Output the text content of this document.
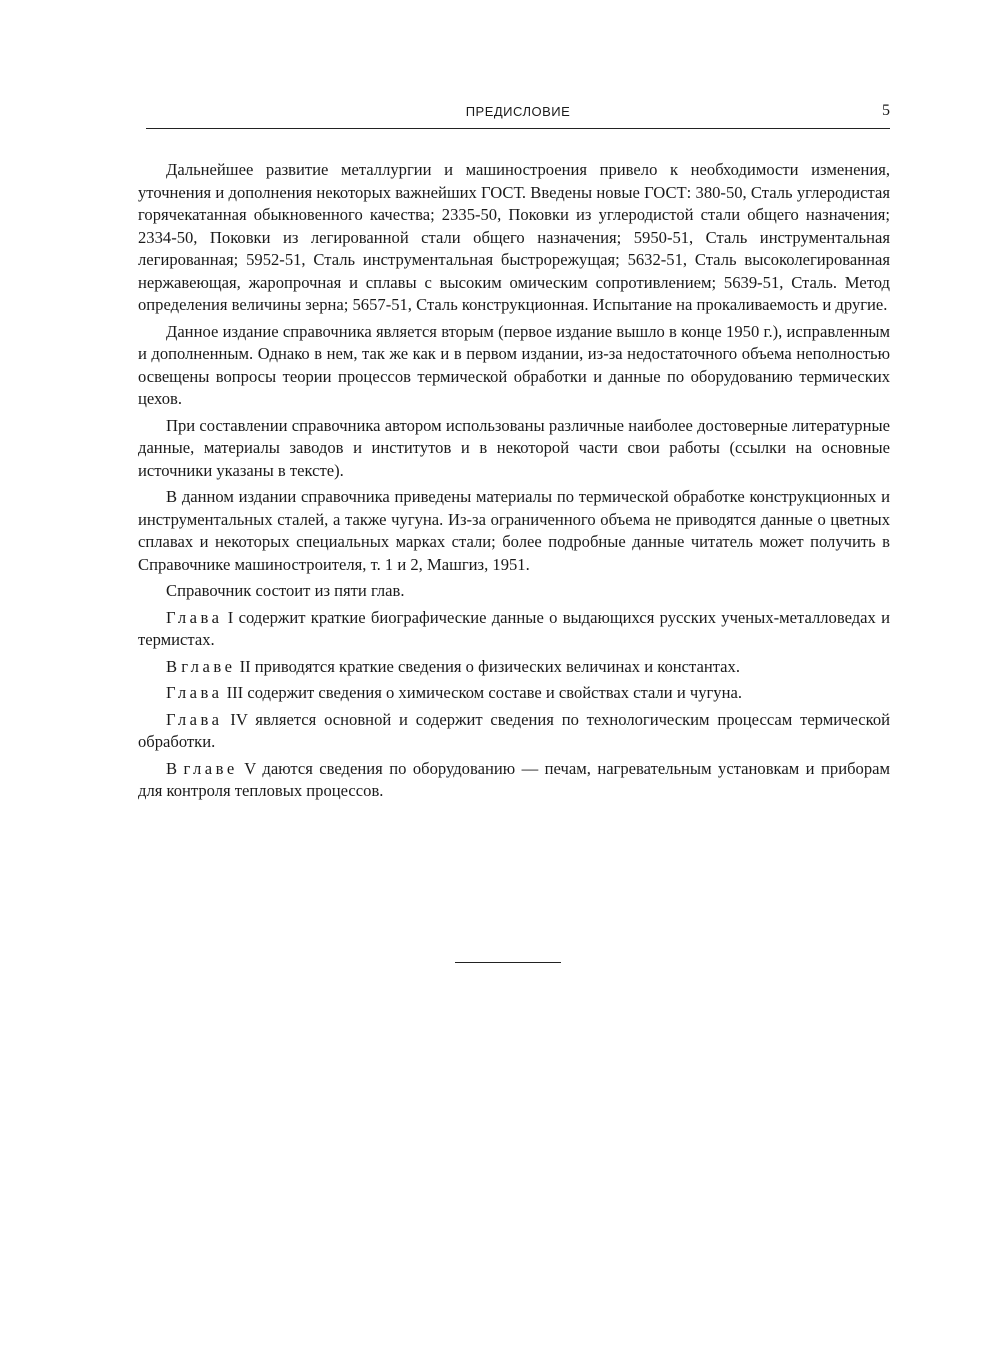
ПРЕДИСЛОВИЕ	5

Дальнейшее развитие металлургии и машиностроения привело к необходимости изменения, уточнения и дополнения некоторых важнейших ГОСТ. Введены новые ГОСТ: 380-50, Сталь углеродистая горячекатанная обыкновенного качества; 2335-50, Поковки из углеродистой стали общего назначения; 2334-50, Поковки из легированной стали общего назначения; 5950-51, Сталь инструментальная легированная; 5952-51, Сталь инструментальная быстрорежущая; 5632-51, Сталь высоколегированная нержавеющая, жаропрочная и сплавы с высоким омическим сопротивлением; 5639-51, Сталь. Метод определения величины зерна; 5657-51, Сталь конструкционная. Испытание на прокаливаемость и другие.

Данное издание справочника является вторым (первое издание вышло в конце 1950 г.), исправленным и дополненным. Однако в нем, так же как и в первом издании, из-за недостаточного объема неполностью освещены вопросы теории процессов термической обработки и данные по оборудованию термических цехов.

При составлении справочника автором использованы различные наиболее достоверные литературные данные, материалы заводов и институтов и в некоторой части свои работы (ссылки на основные источники указаны в тексте).

В данном издании справочника приведены материалы по термической обработке конструкционных и инструментальных сталей, а также чугуна. Из-за ограниченного объема не приводятся данные о цветных сплавах и некоторых специальных марках стали; более подробные данные читатель может получить в Справочнике машиностроителя, т. 1 и 2, Машгиз, 1951.

Справочник состоит из пяти глав.

Глава I содержит краткие биографические данные о выдающихся русских ученых-металловедах и термистах.

В главе II приводятся краткие сведения о физических величинах и константах.

Глава III содержит сведения о химическом составе и свойствах стали и чугуна.

Глава IV является основной и содержит сведения по технологическим процессам термической обработки.

В главе V даются сведения по оборудованию — печам, нагревательным установкам и приборам для контроля тепловых процессов.
